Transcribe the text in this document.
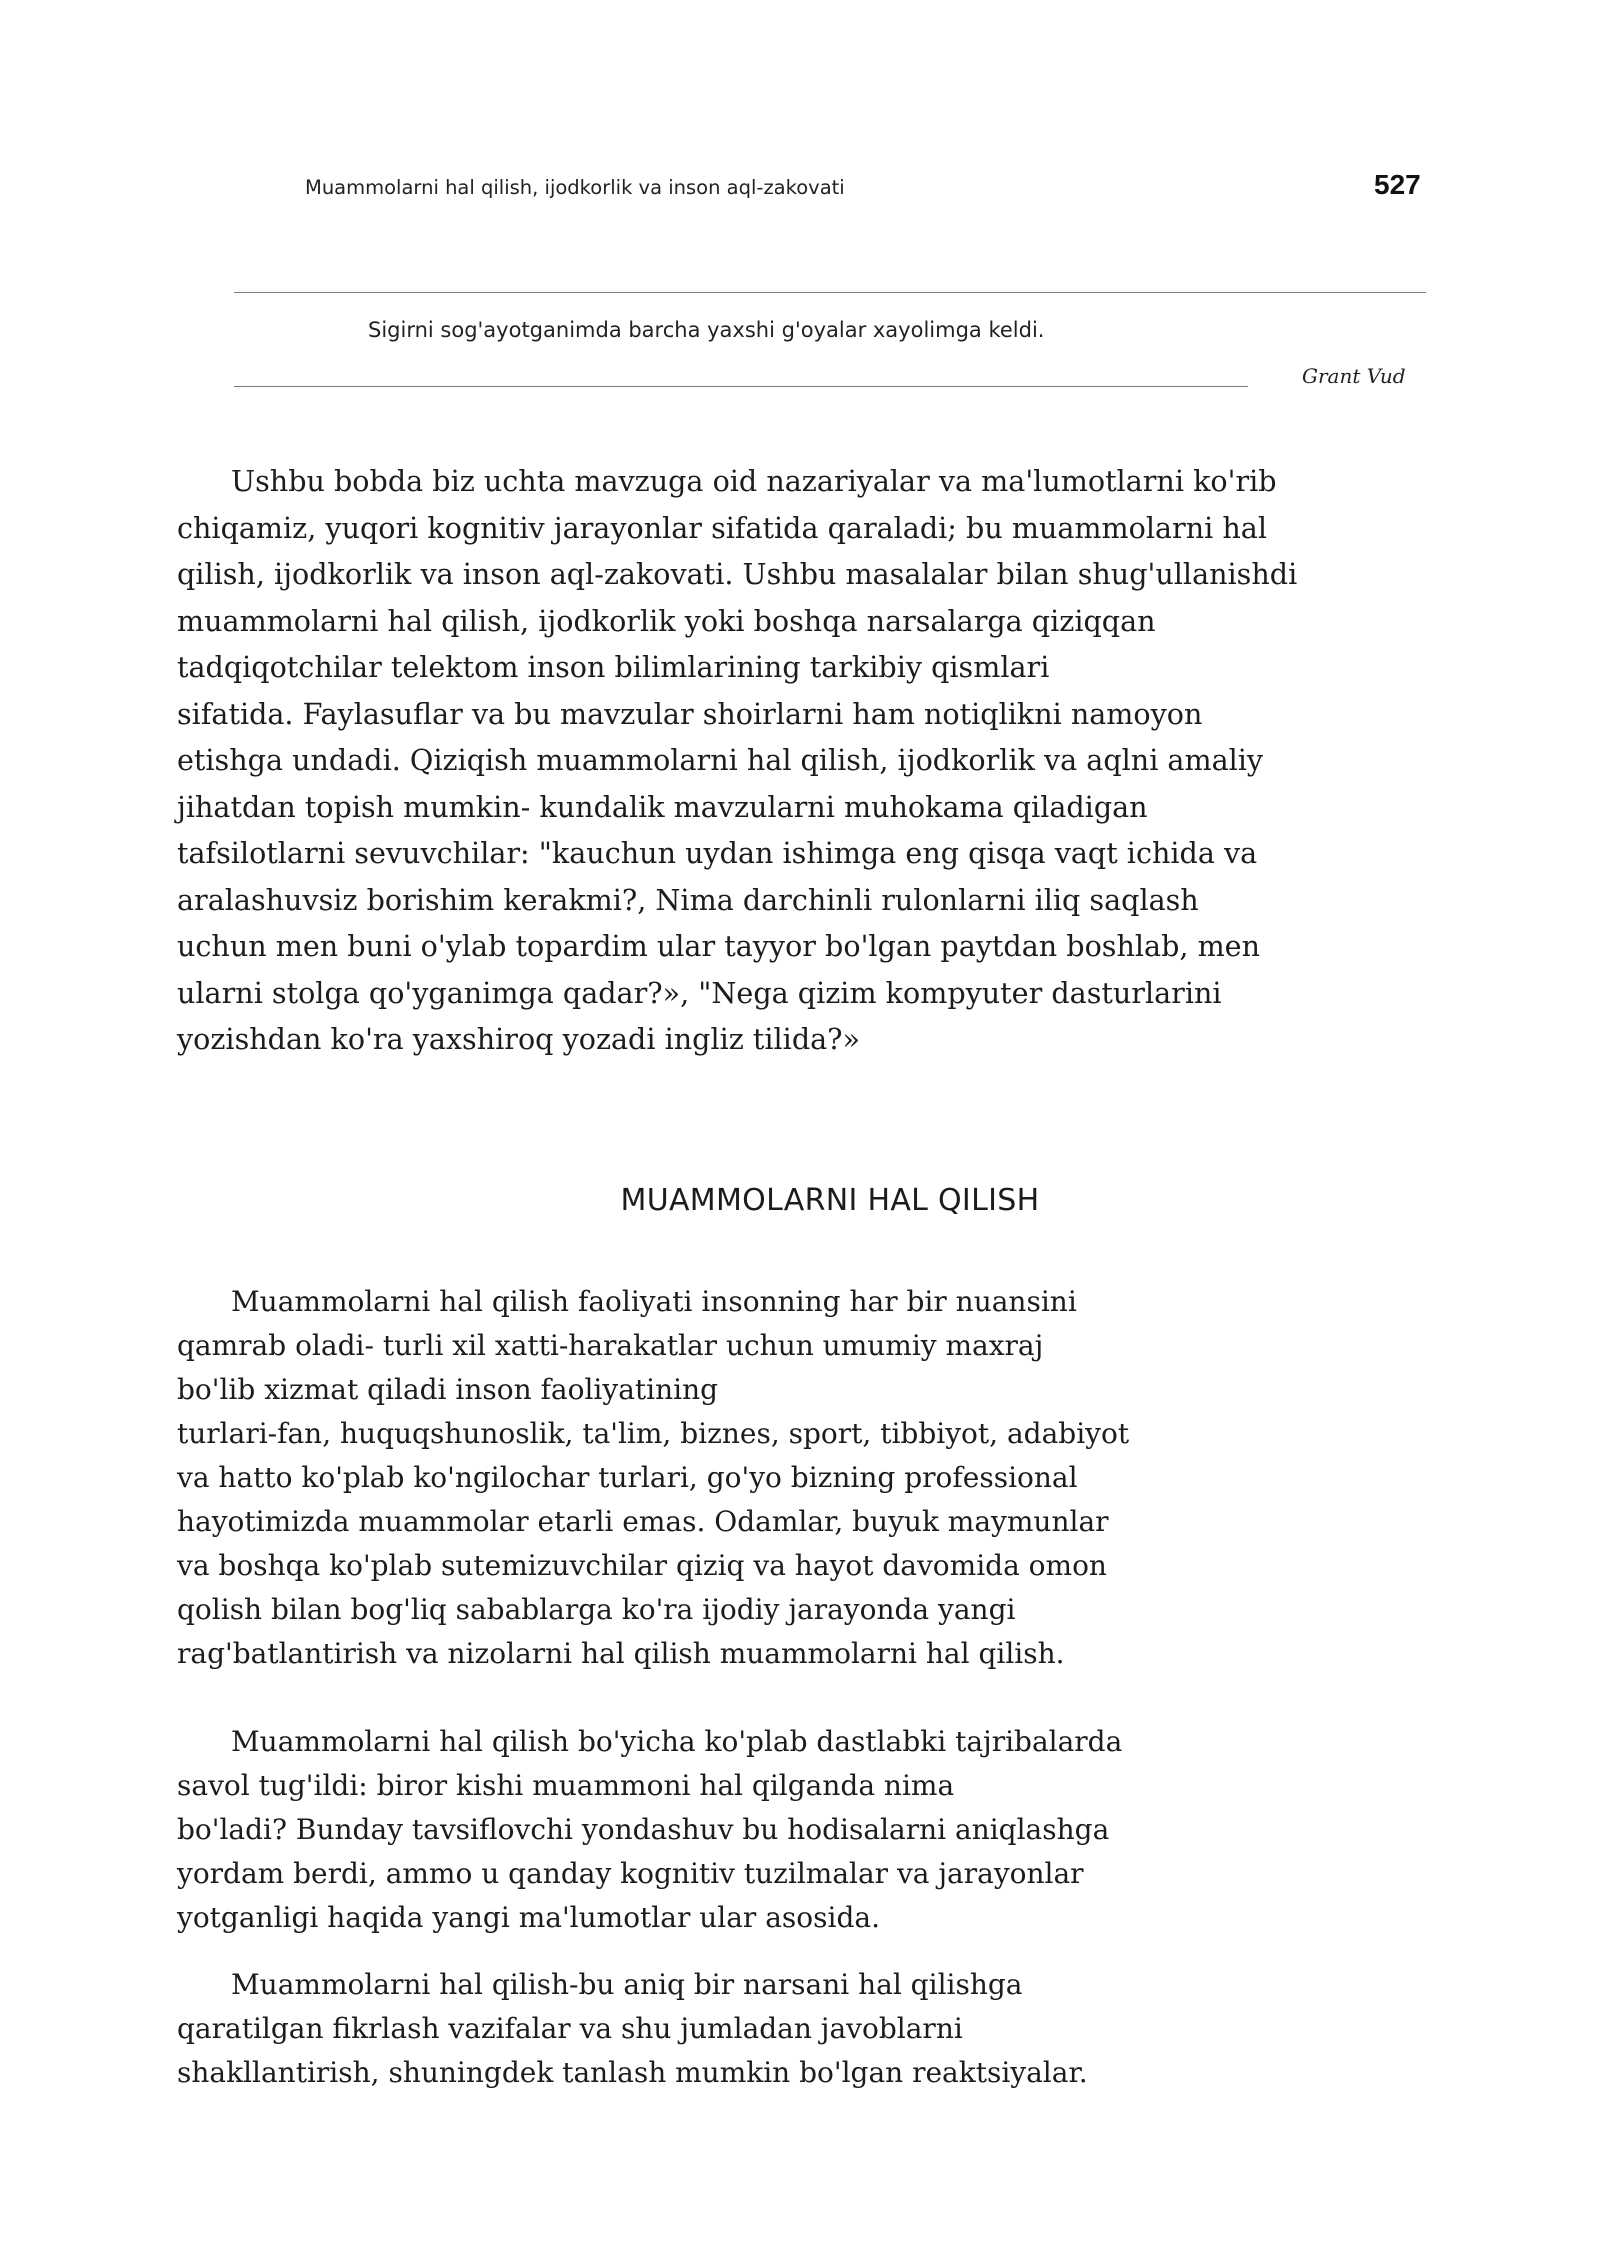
Muammolarni hal qilish, ijodkorlik va inson aql-zakovati	527
Sigirni sog'ayotganimda barcha yaxshi g'oyalar xayolimga keldi.
Grant Vud
Ushbu bobda biz uchta mavzuga oid nazariyalar va ma'lumotlarni ko'rib
chiqamiz, yuqori kognitiv jarayonlar sifatida qaraladi; bu muammolarni hal
qilish, ijodkorlik va inson aql-zakovati. Ushbu masalalar bilan shug'ullanishdi
muammolarni hal qilish, ijodkorlik yoki boshqa narsalarga qiziqqan
tadqiqotchilar telektom inson bilimlarining tarkibiy qismlari
sifatida. Faylasuflar va bu mavzular shoirlarni ham notiqlikni namoyon
etishga undadi. Qiziqish muammolarni hal qilish, ijodkorlik va aqlni amaliy
jihatdan topish mumkin- kundalik mavzularni muhokama qiladigan
tafsilotlarni sevuvchilar: "kauchun uydan ishimga eng qisqa vaqt ichida va
aralashuvsiz borishim kerakmi?, Nima darchinli rulonlarni iliq saqlash
uchun men buni o'ylab topardim ular tayyor bo'lgan paytdan boshlab, men
ularni stolga qo'yganimga qadar?», "Nega qizim kompyuter dasturlarini
yozishdan ko'ra yaxshiroq yozadi ingliz tilida?»
MUAMMOLARNI HAL QILISH
Muammolarni hal qilish faoliyati insonning har bir nuansini
qamrab oladi- turli xil xatti-harakatlar uchun umumiy maxraj
bo'lib xizmat qiladi inson faoliyatining
turlari-fan, huquqshunoslik, ta'lim, biznes, sport, tibbiyot, adabiyot
va hatto ko'plab ko'ngilochar turlari, go'yo bizning professional
hayotimizda muammolar etarli emas. Odamlar, buyuk maymunlar
va boshqa ko'plab sutemizuvchilar qiziq va hayot davomida omon
qolish bilan bog'liq sabablarga ko'ra ijodiy jarayonda yangi
rag'batlantirish va nizolarni hal qilish muammolarni hal qilish.
Muammolarni hal qilish bo'yicha ko'plab dastlabki tajribalarda
savol tug'ildi: biror kishi muammoni hal qilganda nima
bo'ladi? Bunday tavsiflovchi yondashuv bu hodisalarni aniqlashga
yordam berdi, ammo u qanday kognitiv tuzilmalar va jarayonlar
yotganligi haqida yangi ma'lumotlar ular asosida.
Muammolarni hal qilish-bu aniq bir narsani hal qilishga
qaratilgan fikrlash vazifalar va shu jumladan javoblarni
shakllantirish, shuningdek tanlash mumkin bo'lgan reaktsiyalar.
